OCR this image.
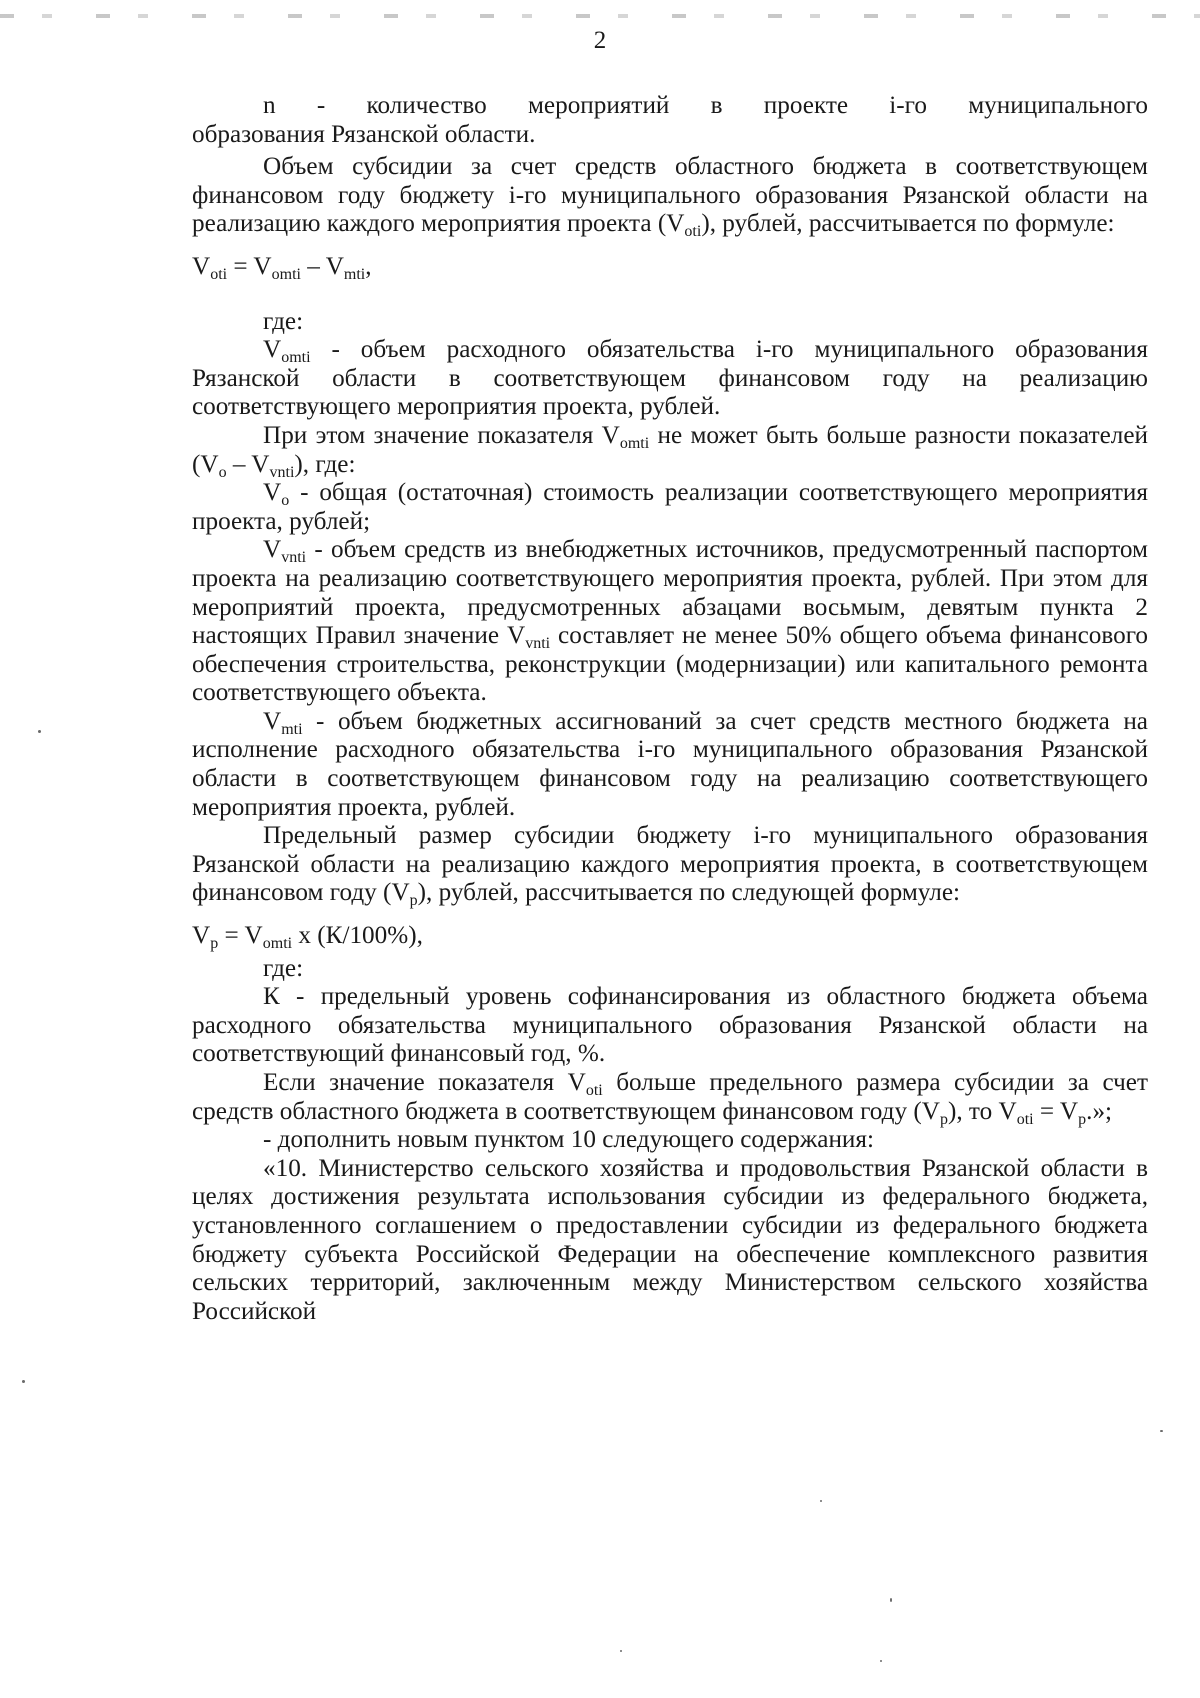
2

n - количество мероприятий в проекте і-го муниципального

образования Рязанской области.

Объем субсидии за счет средств областного бюджета в соответствующем финансовом году бюджету і-го муниципального образования Рязанской области на реализацию каждого мероприятия проекта $(V_{oti})$, рублей, рассчитывается по формуле:

$V_{oti} = V_{omti} - V_{mti}$,

где:

$V_{omti}$ - объем расходного обязательства і-го муниципального образования Рязанской области в соответствующем финансовом году на реализацию соответствующего мероприятия проекта, рублей.

При этом значение показателя $V_{omti}$ не может быть больше разности показателей $(V_o - V_{vnti})$, где:

$V_o$ - общая (остаточная) стоимость реализации соответствующего мероприятия проекта, рублей;

$V_{vnti}$ - объем средств из внебюджетных источников, предусмотренный паспортом проекта на реализацию соответствующего мероприятия проекта, рублей. При этом для мероприятий проекта, предусмотренных абзацами восьмым, девятым пункта 2 настоящих Правил значение $V_{vnti}$ составляет не менее 50% общего объема финансового обеспечения строительства, реконструкции (модернизации) или капитального ремонта соответствующего объекта.

$V_{mti}$ - объем бюджетных ассигнований за счет средств местного бюджета на исполнение расходного обязательства і-го муниципального образования Рязанской области в соответствующем финансовом году на реализацию соответствующего мероприятия проекта, рублей.

Предельный размер субсидии бюджету і-го муниципального образования Рязанской области на реализацию каждого мероприятия проекта, в соответствующем финансовом году $(V_p)$, рублей, рассчитывается по следующей формуле:

$V_p = V_{omti}$ x (К/100%),

где:

К - предельный уровень софинансирования из областного бюджета объема расходного обязательства муниципального образования Рязанской области на соответствующий финансовый год, %.

Если значение показателя $V_{oti}$ больше предельного размера субсидии за счет средств областного бюджета в соответствующем финансовом году $(V_p)$, то $V_{oti} = V_p$.»;

- дополнить новым пунктом 10 следующего содержания:

«10. Министерство сельского хозяйства и продовольствия Рязанской области в целях достижения результата использования субсидии из федерального бюджета, установленного соглашением о предоставлении субсидии из федерального бюджета бюджету субъекта Российской Федерации на обеспечение комплексного развития сельских территорий, заключенным между Министерством сельского хозяйства Российской
